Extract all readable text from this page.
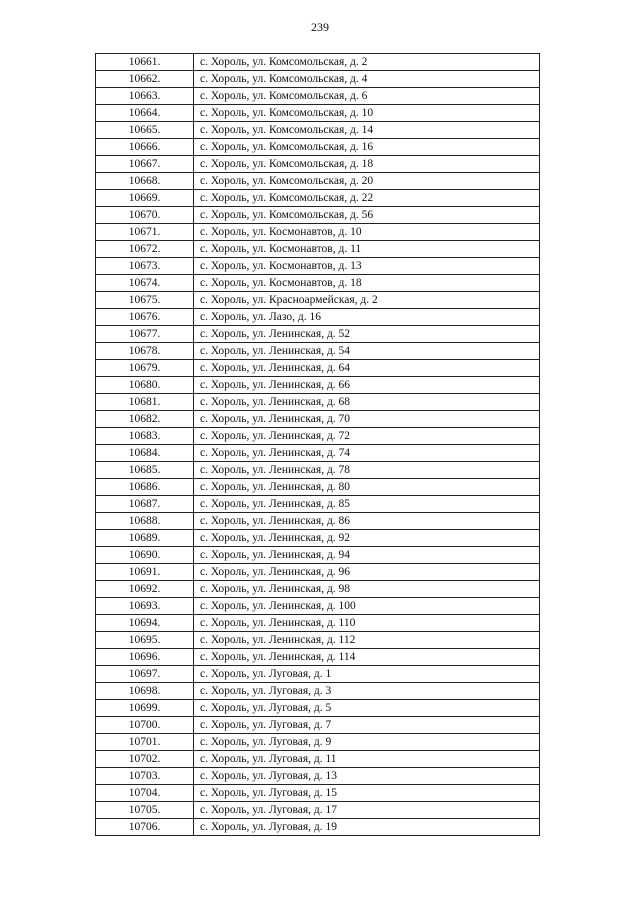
239
10661.	с. Хороль, ул. Комсомольская, д. 2
10662.	с. Хороль, ул. Комсомольская, д. 4
10663.	с. Хороль, ул. Комсомольская, д. 6
10664.	с. Хороль, ул. Комсомольская, д. 10
10665.	с. Хороль, ул. Комсомольская, д. 14
10666.	с. Хороль, ул. Комсомольская, д. 16
10667.	с. Хороль, ул. Комсомольская, д. 18
10668.	с. Хороль, ул. Комсомольская, д. 20
10669.	с. Хороль, ул. Комсомольская, д. 22
10670.	с. Хороль, ул. Комсомольская, д. 56
10671.	с. Хороль, ул. Космонавтов, д. 10
10672.	с. Хороль, ул. Космонавтов, д. 11
10673.	с. Хороль, ул. Космонавтов, д. 13
10674.	с. Хороль, ул. Космонавтов, д. 18
10675.	с. Хороль, ул. Красноармейская, д. 2
10676.	с. Хороль, ул. Лазо, д. 16
10677.	с. Хороль, ул. Ленинская, д. 52
10678.	с. Хороль, ул. Ленинская, д. 54
10679.	с. Хороль, ул. Ленинская, д. 64
10680.	с. Хороль, ул. Ленинская, д. 66
10681.	с. Хороль, ул. Ленинская, д. 68
10682.	с. Хороль, ул. Ленинская, д. 70
10683.	с. Хороль, ул. Ленинская, д. 72
10684.	с. Хороль, ул. Ленинская, д. 74
10685.	с. Хороль, ул. Ленинская, д. 78
10686.	с. Хороль, ул. Ленинская, д. 80
10687.	с. Хороль, ул. Ленинская, д. 85
10688.	с. Хороль, ул. Ленинская, д. 86
10689.	с. Хороль, ул. Ленинская, д. 92
10690.	с. Хороль, ул. Ленинская, д. 94
10691.	с. Хороль, ул. Ленинская, д. 96
10692.	с. Хороль, ул. Ленинская, д. 98
10693.	с. Хороль, ул. Ленинская, д. 100
10694.	с. Хороль, ул. Ленинская, д. 110
10695.	с. Хороль, ул. Ленинская, д. 112
10696.	с. Хороль, ул. Ленинская, д. 114
10697.	с. Хороль, ул. Луговая, д. 1
10698.	с. Хороль, ул. Луговая, д. 3
10699.	с. Хороль, ул. Луговая, д. 5
10700.	с. Хороль, ул. Луговая, д. 7
10701.	с. Хороль, ул. Луговая, д. 9
10702.	с. Хороль, ул. Луговая, д. 11
10703.	с. Хороль, ул. Луговая, д. 13
10704.	с. Хороль, ул. Луговая, д. 15
10705.	с. Хороль, ул. Луговая, д. 17
10706.	с. Хороль, ул. Луговая, д. 19
